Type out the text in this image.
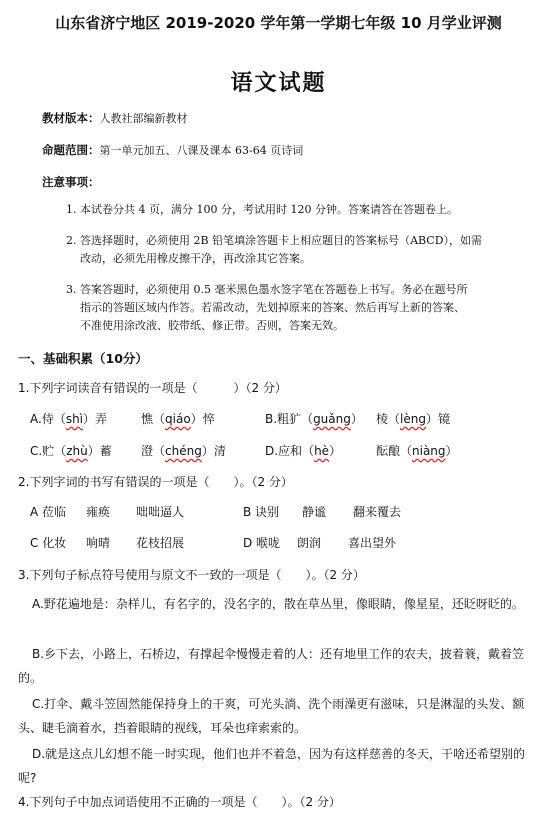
山东省济宁地区 2019-2020 学年第一学期七年级 10 月学业评测
语文试题
教材版本：人教社部编新教材
命题范围：第一单元加五、八课及课本 63-64 页诗词
注意事项：
1. 本试卷分共 4 页，满分 100 分，考试用时 120 分钟。答案请答在答题卷上。
2. 答选择题时，必须使用 2B 铅笔填涂答题卡上相应题目的答案标号（ABCD），如需
改动，必须先用橡皮擦干净，再改涂其它答案。
3. 答案答题时，必须使用 0.5 毫米黑色墨水签字笔在答题卷上书写。务必在题号所
指示的答题区域内作答。若需改动，先划掉原来的答案、然后再写上新的答案、
不准使用涂改液、胶带纸、修正带。否则，答案无效。
一、基础积累（10分）
1.下列字词读音有错误的一项是（　　　）（2 分）
A.侍（shì）弄	憔（qiáo）悴	B.粗犷（guǎng） 棱（lèng）镜
C.贮（zhù）蓄 澄（chéng）清	D.应和（hè）	酝酿（niàng）
2.下列字词的书写有错误的一项是（　　）。（2 分）
A 莅临 雍痪 咄咄逼人	B 诀别 静谧 翻来覆去
C 化妆 响晴 花枝招展	D 喉咙 朗润 喜出望外
3.下列句子标点符号使用与原文不一致的一项是（　　）。（2 分）
A.野花遍地是：杂样儿，有名字的，没名字的，散在草丛里，像眼睛，像星星，还眨呀眨的。
B.乡下去，小路上，石桥边，有撑起伞慢慢走着的人：还有地里工作的农夫，披着蓑，戴着笠的。
C.打伞、戴斗笠固然能保持身上的干爽，可光头淌、洗个雨澡更有滋味，只是淋湿的头发、额头、睫毛滴着水，挡着眼睛的视线，耳朵也痒索索的。
D.就是这点儿幻想不能一时实现，他们也并不着急，因为有这样慈善的冬天，干啥还希望别的呢?
4.下列句子中加点词语使用不正确的一项是（　　）。（2 分）
